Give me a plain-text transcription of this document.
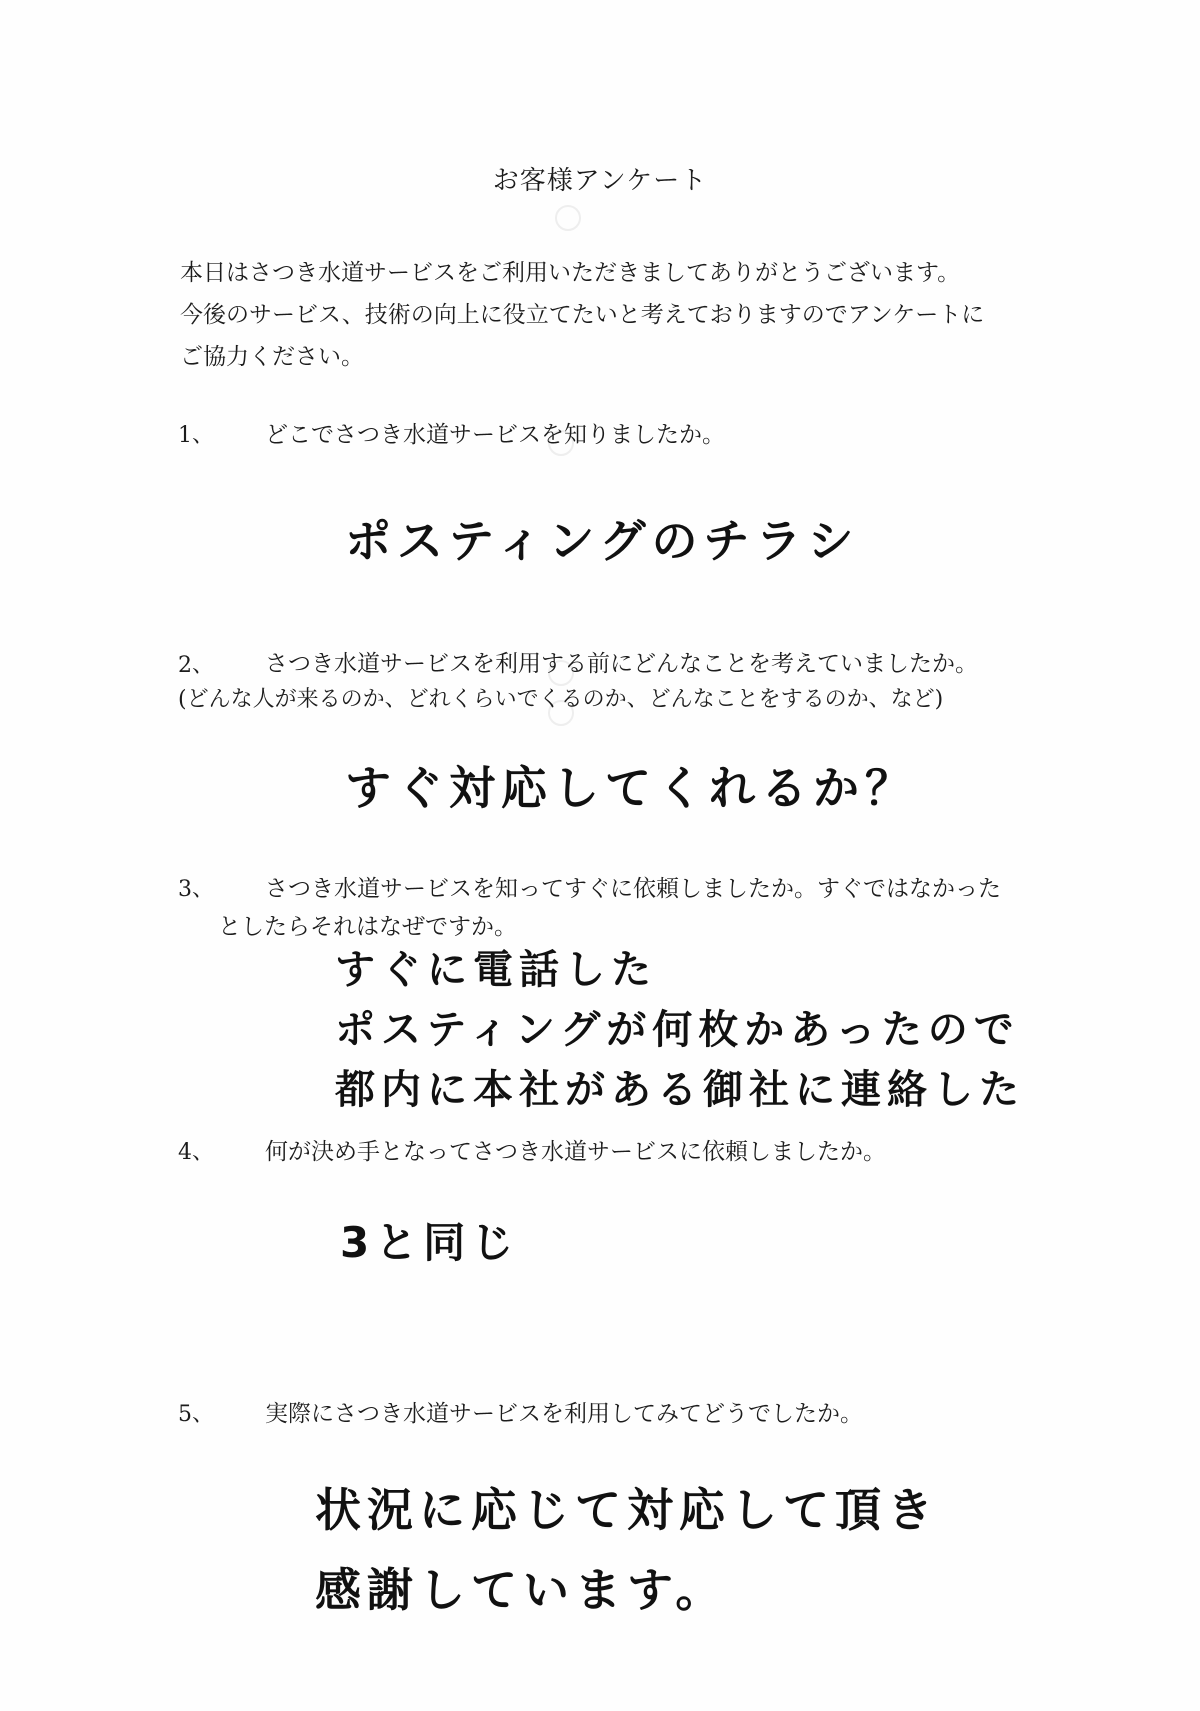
お客様アンケート
本日はさつき水道サービスをご利用いただきましてありがとうございます。
今後のサービス、技術の向上に役立てたいと考えておりますのでアンケートに
ご協力ください。
1、 どこでさつき水道サービスを知りましたか。
ポスティングのチラシ
2、 さつき水道サービスを利用する前にどんなことを考えていましたか。
(どんな人が来るのか、どれくらいでくるのか、どんなことをするのか、など)
すぐ対応してくれるか？
3、 さつき水道サービスを知ってすぐに依頼しましたか。すぐではなかった
としたらそれはなぜですか。
すぐに電話した
ポスティングが何枚かあったので
都内に本社がある御社に連絡した
4、 何が決め手となってさつき水道サービスに依頼しましたか。
3と同じ
5、 実際にさつき水道サービスを利用してみてどうでしたか。
状況に応じて対応して頂き
感謝しています。
